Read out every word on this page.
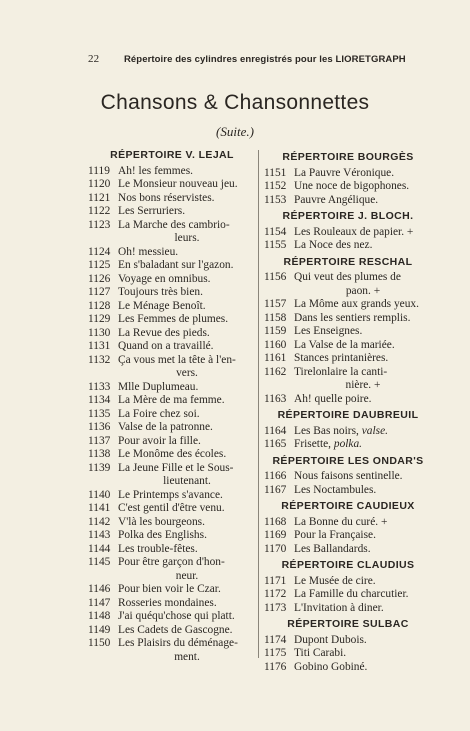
22	Répertoire des cylindres enregistrés pour les LIORETGRAPH
Chansons & Chansonnettes
(Suite.)
RÉPERTOIRE V. LEJAL
1119 Ah! les femmes.
1120 Le Monsieur nouveau jeu.
1121 Nos bons réservistes.
1122 Les Serruriers.
1123 La Marche des cambrio-
leurs.
1124 Oh! messieu.
1125 En s'baladant sur l'gazon.
1126 Voyage en omnibus.
1127 Toujours très bien.
1128 Le Ménage Benoît.
1129 Les Femmes de plumes.
1130 La Revue des pieds.
1131 Quand on a travaillé.
1132 Ça vous met la tête à l'en-
vers.
1133 Mlle Duplumeau.
1134 La Mère de ma femme.
1135 La Foire chez soi.
1136 Valse de la patronne.
1137 Pour avoir la fille.
1138 Le Monôme des écoles.
1139 La Jeune Fille et le Sous-
lieutenant.
1140 Le Printemps s'avance.
1141 C'est gentil d'être venu.
1142 V'là les bourgeons.
1143 Polka des Englishs.
1144 Les trouble-fêtes.
1145 Pour être garçon d'hon-
neur.
1146 Pour bien voir le Czar.
1147 Rosseries mondaines.
1148 J'ai quéqu'chose qui platt.
1149 Les Cadets de Gascogne.
1150 Les Plaisirs du déménage-
ment.
RÉPERTOIRE BOURGÈS
1151 La Pauvre Véronique.
1152 Une noce de bigophones.
1153 Pauvre Angélique.
RÉPERTOIRE J. BLOCH.
1154 Les Rouleaux de papier. +
1155 La Noce des nez.
RÉPERTOIRE RESCHAL
1156 Qui veut des plumes de
paon. +
1157 La Môme aux grands yeux.
1158 Dans les sentiers remplis.
1159 Les Enseignes.
1160 La Valse de la mariée.
1161 Stances printanières.
1162 Tirelonlaire la canti-
nière. +
1163 Ah! quelle poire.
RÉPERTOIRE DAUBREUIL
1164 Les Bas noirs, valse.
1165 Frisette, polka.
RÉPERTOIRE LES ONDAR'S
1166 Nous faisons sentinelle.
1167 Les Noctambules.
RÉPERTOIRE CAUDIEUX
1168 La Bonne du curé. +
1169 Pour la Française.
1170 Les Ballandards.
RÉPERTOIRE CLAUDIUS
1171 Le Musée de cire.
1172 La Famille du charcutier.
1173 L'Invitation à diner.
RÉPERTOIRE SULBAC
1174 Dupont Dubois.
1175 Titi Carabi.
1176 Gobino Gobiné.
